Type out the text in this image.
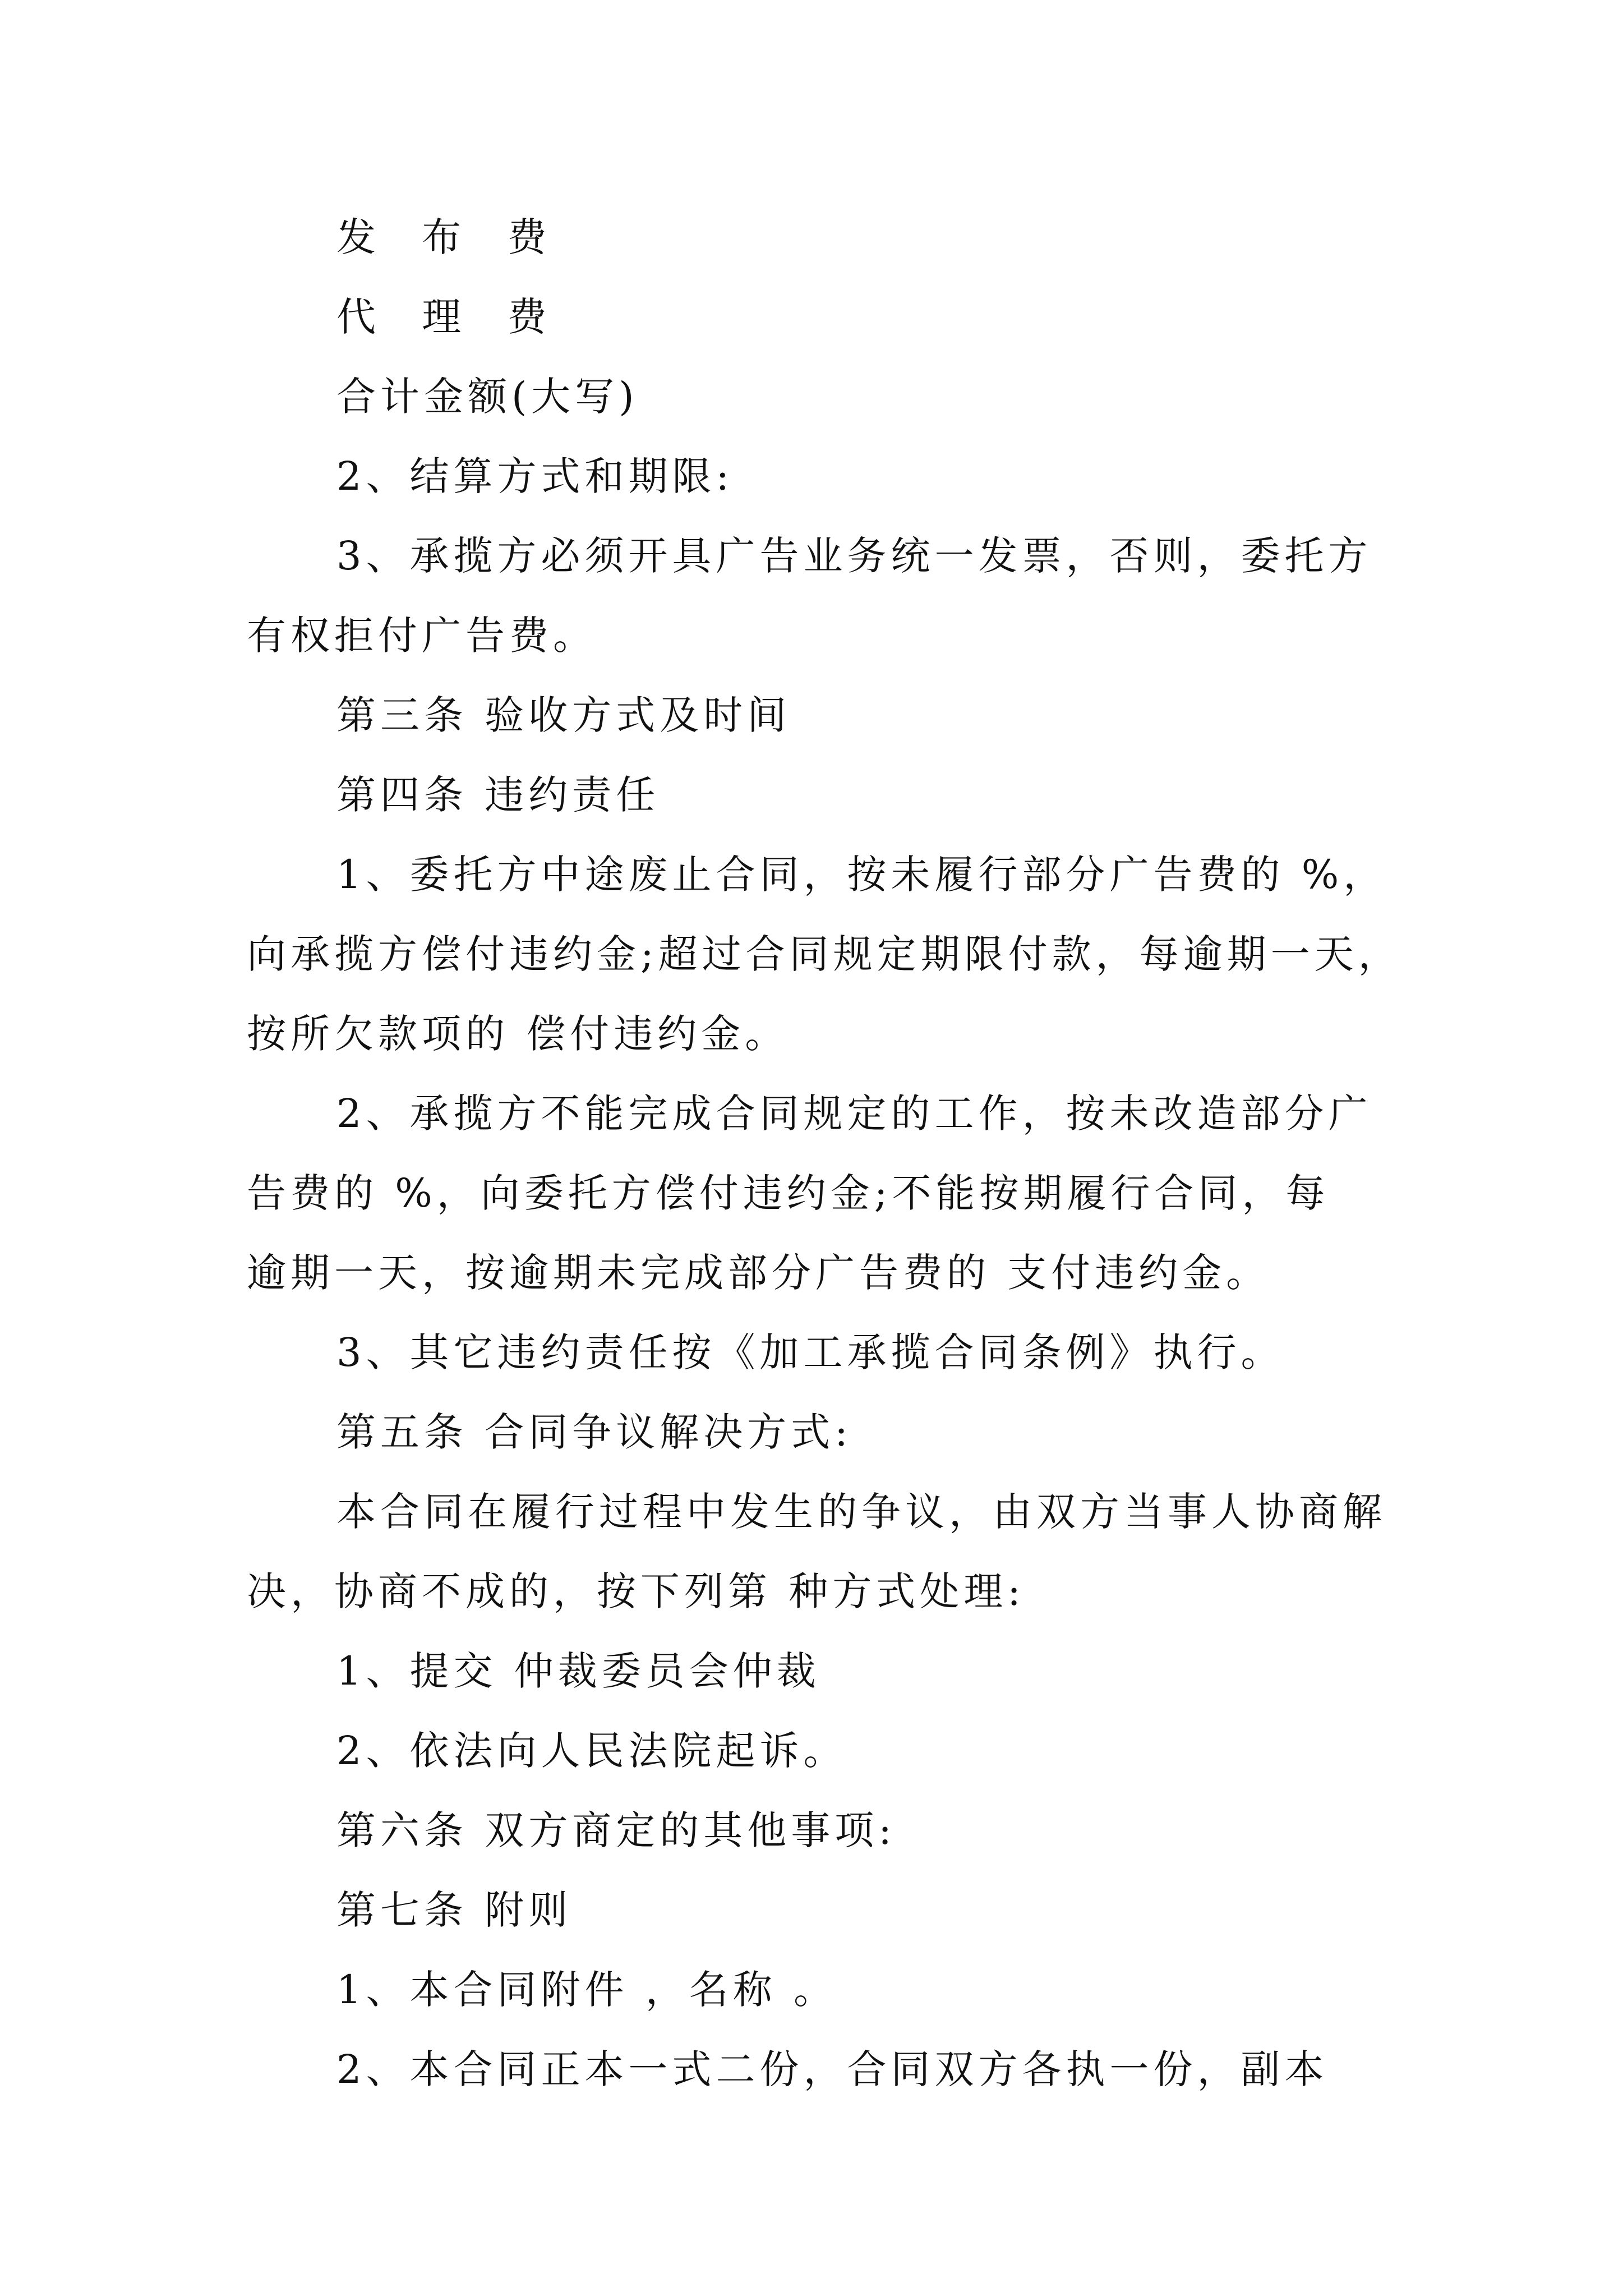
发 布 费
代 理 费
合计金额(大写)
2、结算方式和期限:
3、承揽方必须开具广告业务统一发票，否则，委托方
有权拒付广告费。
第三条 验收方式及时间
第四条 违约责任
1、委托方中途废止合同，按未履行部分广告费的 %，
向承揽方偿付违约金;超过合同规定期限付款，每逾期一天，
按所欠款项的 偿付违约金。
2、承揽方不能完成合同规定的工作，按未改造部分广
告费的 %，向委托方偿付违约金;不能按期履行合同，每
逾期一天，按逾期未完成部分广告费的 支付违约金。
3、其它违约责任按《加工承揽合同条例》执行。
第五条 合同争议解决方式:
本合同在履行过程中发生的争议，由双方当事人协商解
决，协商不成的，按下列第 种方式处理:
1、提交 仲裁委员会仲裁
2、依法向人民法院起诉。
第六条 双方商定的其他事项:
第七条 附则
1、本合同附件 ，名称 。
2、本合同正本一式二份，合同双方各执一份，副本
